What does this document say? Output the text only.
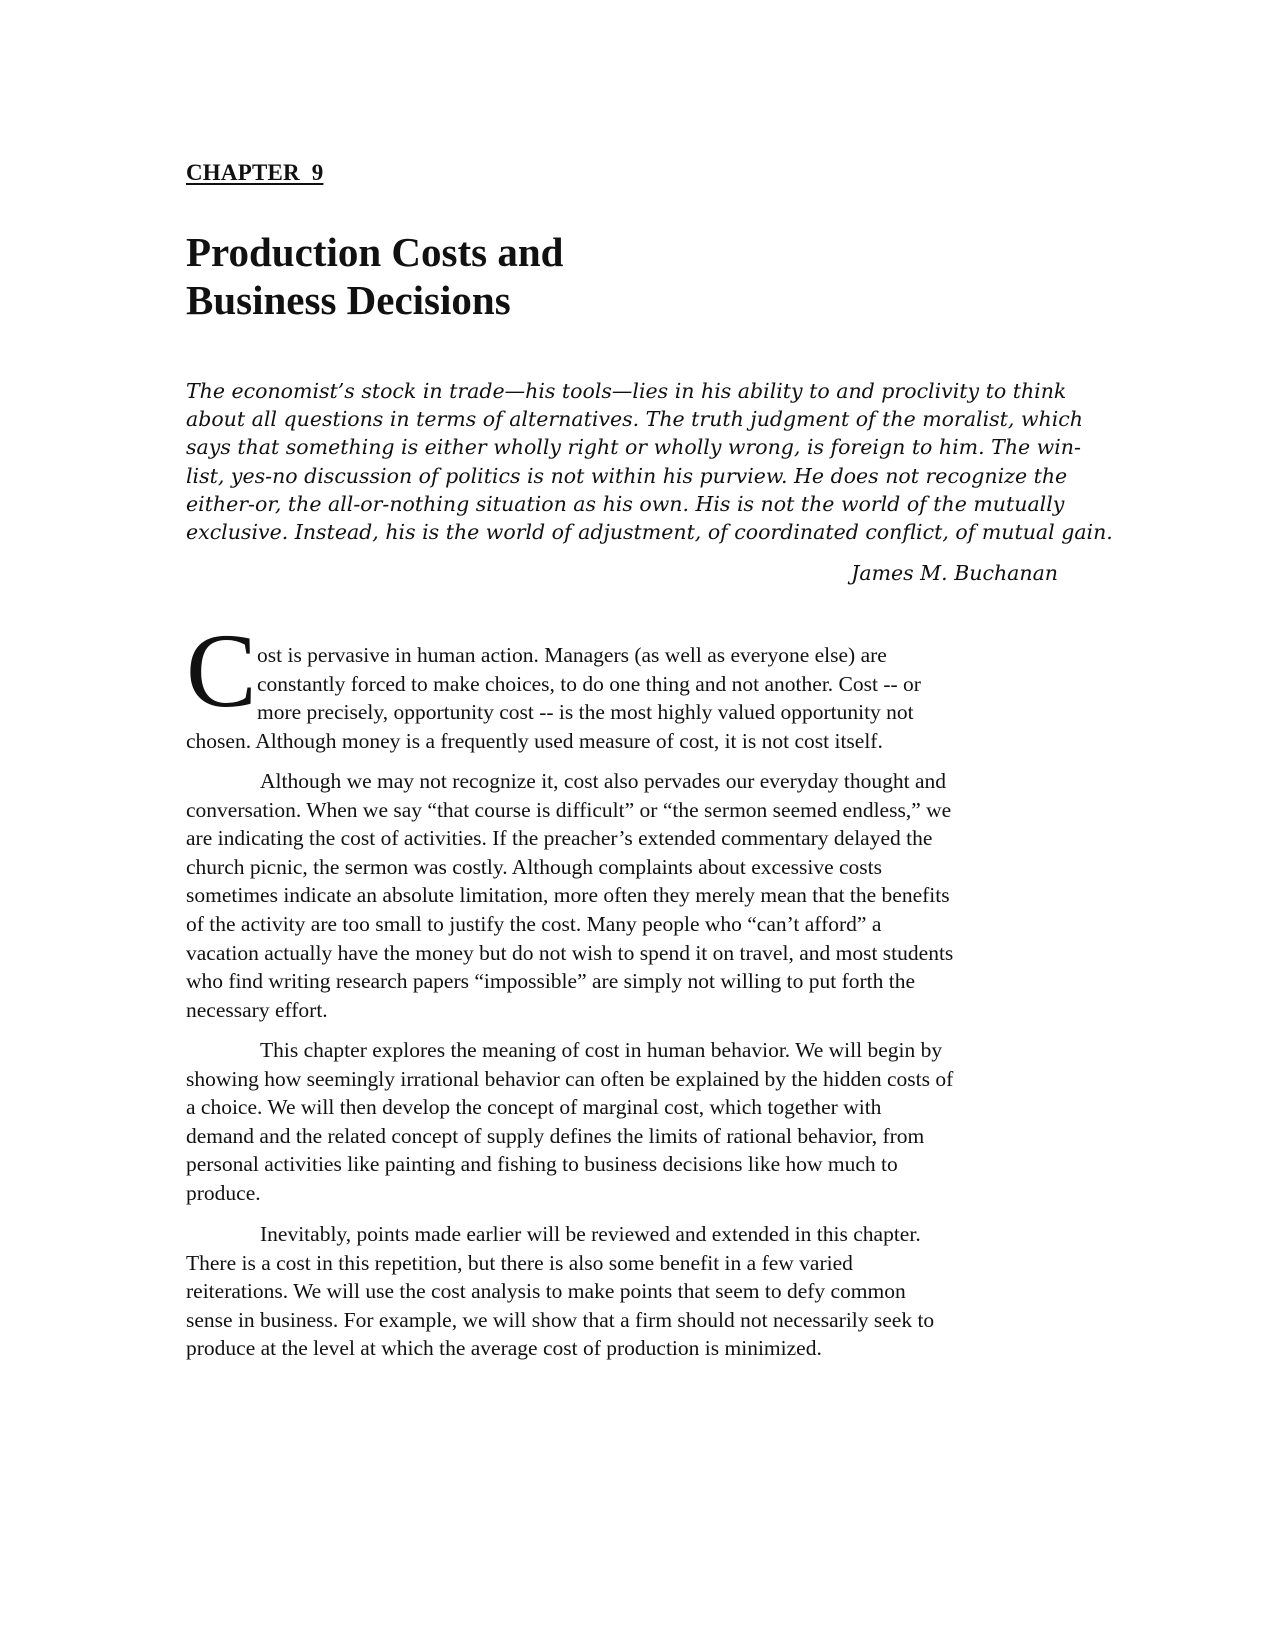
CHAPTER  9
Production Costs and
Business Decisions
The economist’s stock in trade—his tools—lies in his ability to and proclivity to think
about all questions in terms of alternatives. The truth judgment of the moralist, which
says that something is either wholly right or wholly wrong, is foreign to him. The win-
list, yes-no discussion of politics is not within his purview. He does not recognize the
either-or, the all-or-nothing situation as his own. His is not the world of the mutually
exclusive. Instead, his is the world of adjustment, of coordinated conflict, of mutual gain.
James M. Buchanan
C ost is pervasive in human action. Managers (as well as everyone else) are
constantly forced to make choices, to do one thing and not another. Cost -- or
more precisely, opportunity cost -- is the most highly valued opportunity not
chosen. Although money is a frequently used measure of cost, it is not cost itself.
Although we may not recognize it, cost also pervades our everyday thought and
conversation. When we say “that course is difficult” or “the sermon seemed endless,” we
are indicating the cost of activities. If the preacher’s extended commentary delayed the
church picnic, the sermon was costly. Although complaints about excessive costs
sometimes indicate an absolute limitation, more often they merely mean that the benefits
of the activity are too small to justify the cost. Many people who “can’t afford” a
vacation actually have the money but do not wish to spend it on travel, and most students
who find writing research papers “impossible” are simply not willing to put forth the
necessary effort.
This chapter explores the meaning of cost in human behavior. We will begin by
showing how seemingly irrational behavior can often be explained by the hidden costs of
a choice. We will then develop the concept of marginal cost, which together with
demand and the related concept of supply defines the limits of rational behavior, from
personal activities like painting and fishing to business decisions like how much to
produce.
Inevitably, points made earlier will be reviewed and extended in this chapter.
There is a cost in this repetition, but there is also some benefit in a few varied
reiterations. We will use the cost analysis to make points that seem to defy common
sense in business. For example, we will show that a firm should not necessarily seek to
produce at the level at which the average cost of production is minimized.
